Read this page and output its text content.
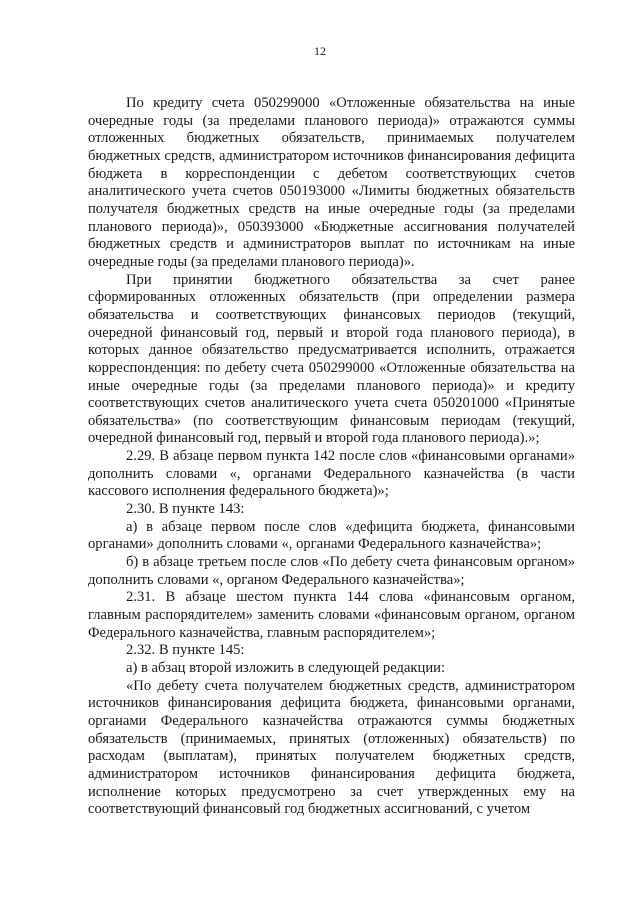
12

По кредиту счета 050299000 «Отложенные обязательства на иные очередные годы (за пределами планового периода)» отражаются суммы отложенных бюджетных обязательств, принимаемых получателем бюджетных средств, администратором источников финансирования дефицита бюджета в корреспонденции с дебетом соответствующих счетов аналитического учета счетов 050193000 «Лимиты бюджетных обязательств получателя бюджетных средств на иные очередные годы (за пределами планового периода)», 050393000 «Бюджетные ассигнования получателей бюджетных средств и администраторов выплат по источникам на иные очередные годы (за пределами планового периода)».

При принятии бюджетного обязательства за счет ранее сформированных отложенных обязательств (при определении размера обязательства и соответствующих финансовых периодов (текущий, очередной финансовый год, первый и второй года планового периода), в которых данное обязательство предусматривается исполнить, отражается корреспонденция: по дебету счета 050299000 «Отложенные обязательства на иные очередные годы (за пределами планового периода)» и кредиту соответствующих счетов аналитического учета счета 050201000 «Принятые обязательства» (по соответствующим финансовым периодам (текущий, очередной финансовый год, первый и второй года планового периода).»;

2.29. В абзаце первом пункта 142 после слов «финансовыми органами» дополнить словами «, органами Федерального казначейства (в части кассового исполнения федерального бюджета)»;

2.30. В пункте 143:

а) в абзаце первом после слов «дефицита бюджета, финансовыми органами» дополнить словами «, органами Федерального казначейства»;

б) в абзаце третьем после слов «По дебету счета финансовым органом» дополнить словами «, органом Федерального казначейства»;

2.31. В абзаце шестом пункта 144 слова «финансовым органом, главным распорядителем» заменить словами «финансовым органом, органом Федерального казначейства, главным распорядителем»;

2.32. В пункте 145:

а) в абзац второй изложить в следующей редакции:

«По дебету счета получателем бюджетных средств, администратором источников финансирования дефицита бюджета, финансовыми органами, органами Федерального казначейства отражаются суммы бюджетных обязательств (принимаемых, принятых (отложенных) обязательств) по расходам (выплатам), принятых получателем бюджетных средств, администратором источников финансирования дефицита бюджета, исполнение которых предусмотрено за счет утвержденных ему на соответствующий финансовый год бюджетных ассигнований, с учетом
